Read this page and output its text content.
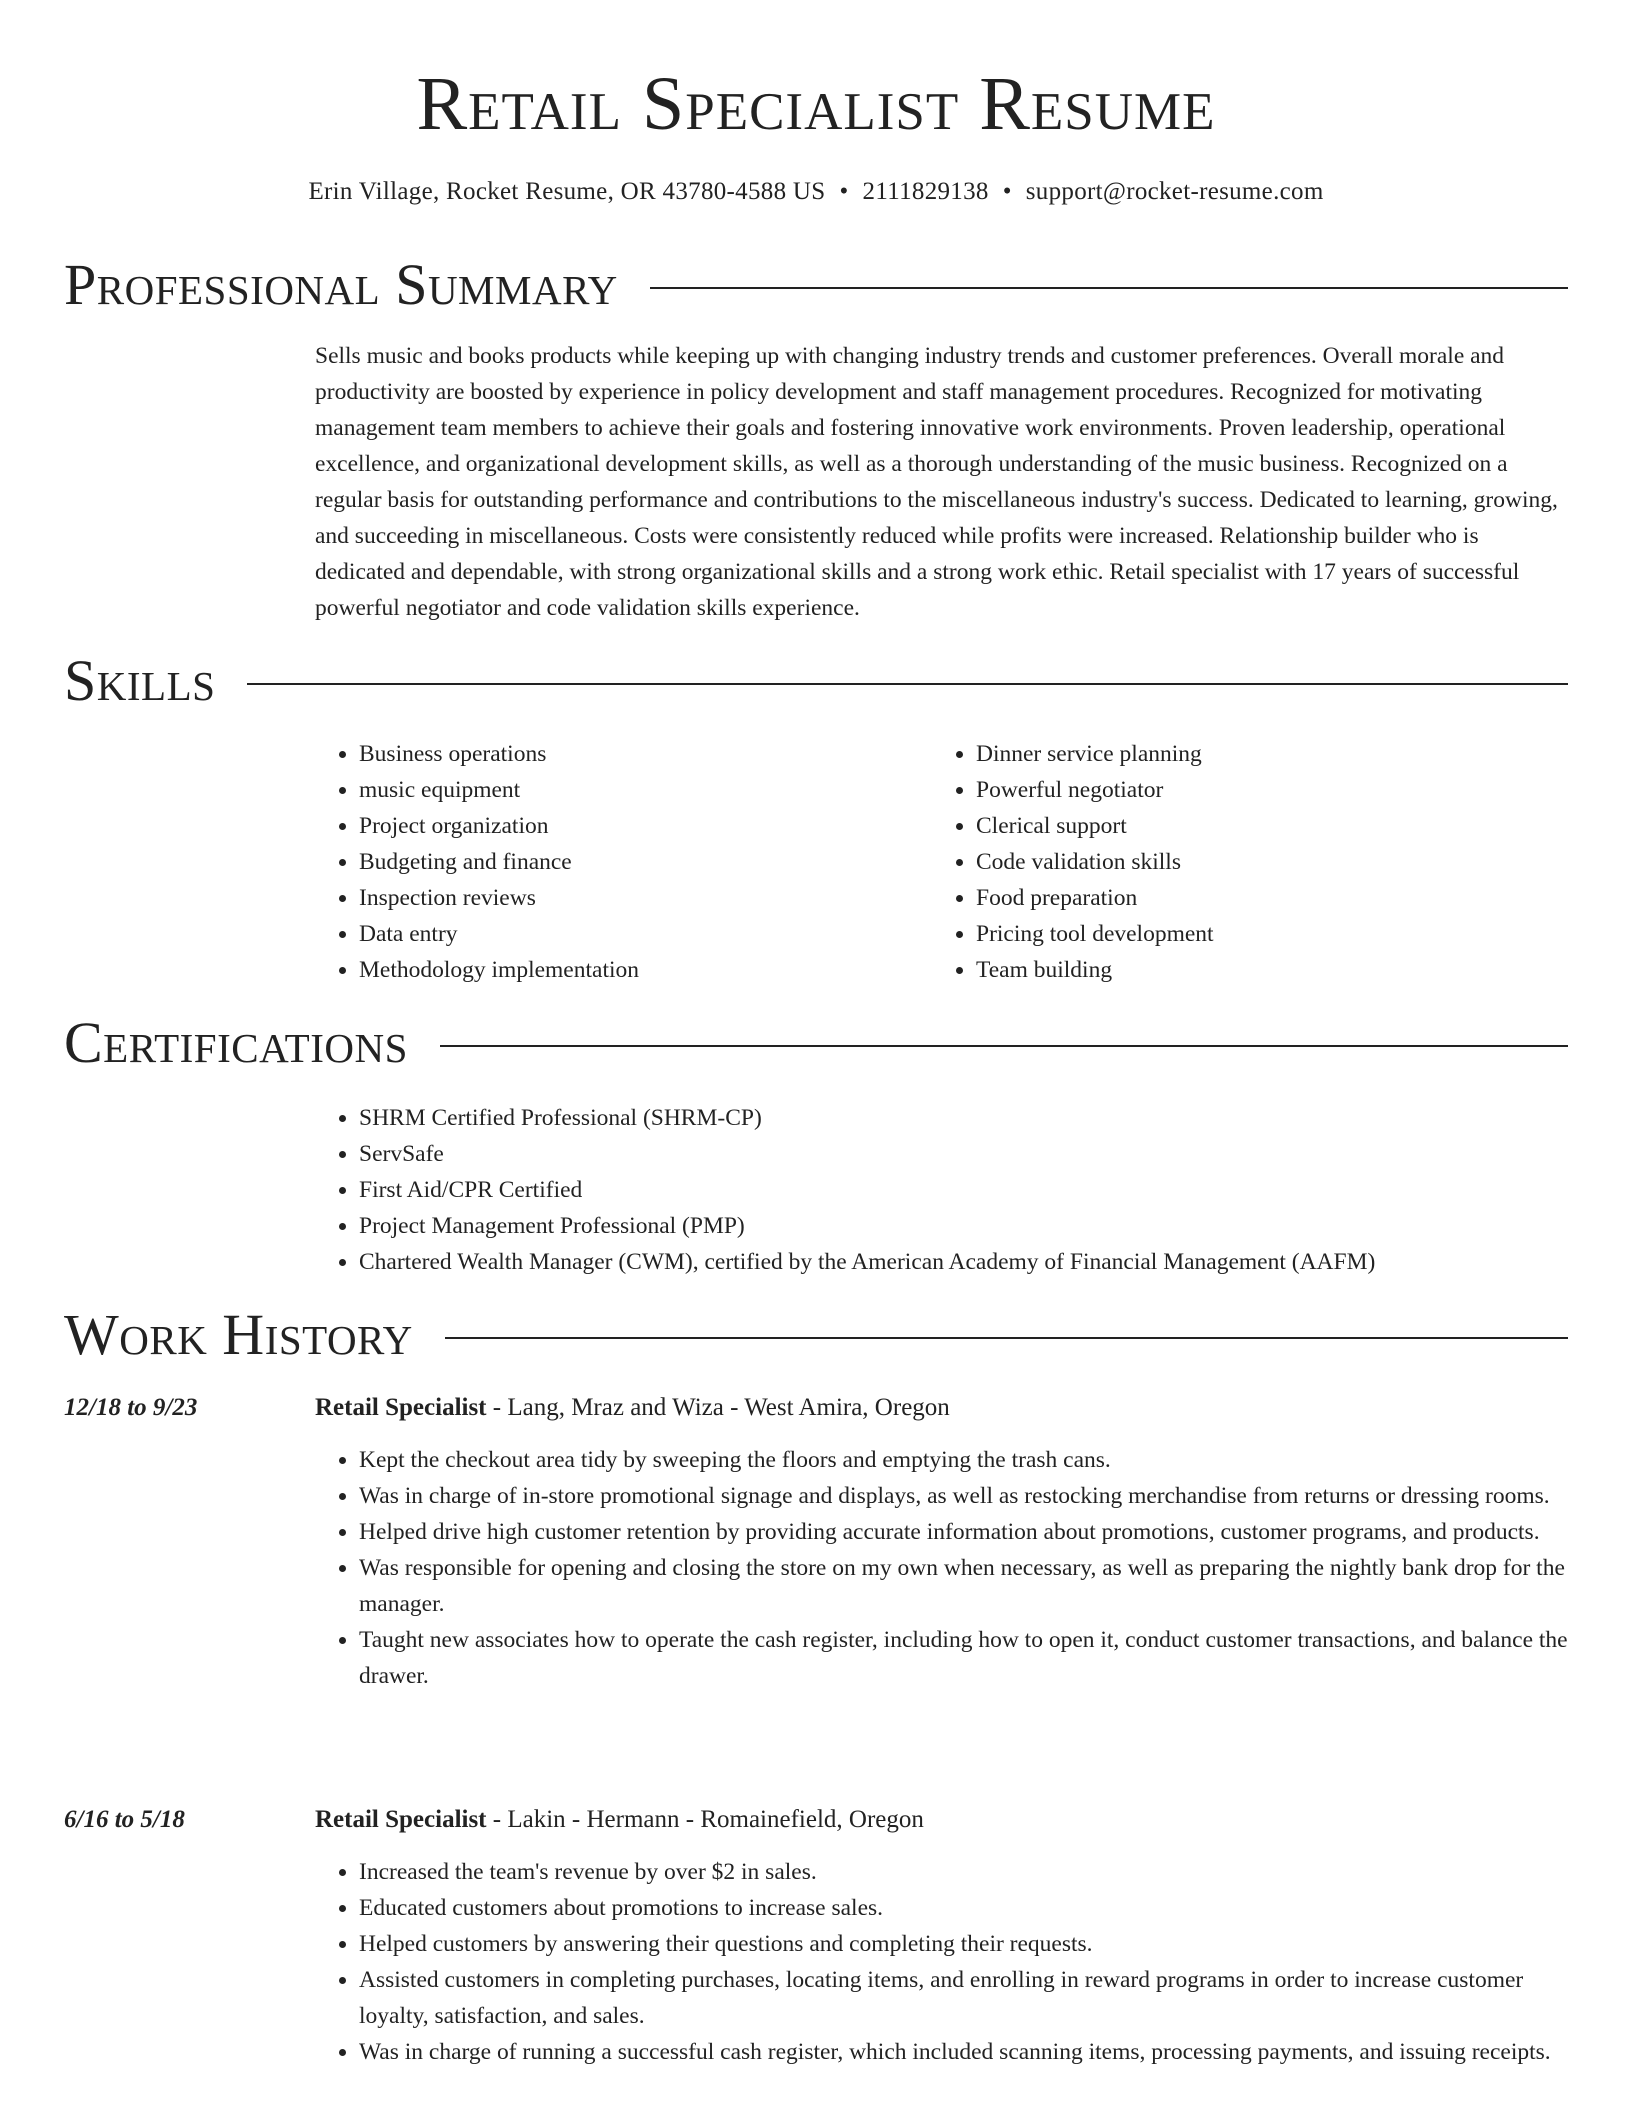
Retail Specialist Resume
Erin Village, Rocket Resume, OR 43780-4588 US • 2111829138 • support@rocket-resume.com
Professional Summary

Sells music and books products while keeping up with changing industry trends and customer preferences. Overall morale and productivity are boosted by experience in policy development and staff management procedures. Recognized for motivating management team members to achieve their goals and fostering innovative work environments. Proven leadership, operational excellence, and organizational development skills, as well as a thorough understanding of the music business. Recognized on a regular basis for outstanding performance and contributions to the miscellaneous industry's success. Dedicated to learning, growing, and succeeding in miscellaneous. Costs were consistently reduced while profits were increased. Relationship builder who is dedicated and dependable, with strong organizational skills and a strong work ethic. Retail specialist with 17 years of successful powerful negotiator and code validation skills experience.

Skills
• Business operations
• music equipment
• Project organization
• Budgeting and finance
• Inspection reviews
• Data entry
• Methodology implementation
• Dinner service planning
• Powerful negotiator
• Clerical support
• Code validation skills
• Food preparation
• Pricing tool development
• Team building
Certifications
• SHRM Certified Professional (SHRM-CP)
• ServSafe
• First Aid/CPR Certified
• Project Management Professional (PMP)
• Chartered Wealth Manager (CWM), certified by the American Academy of Financial Management (AAFM)
Work History
12/18 to 9/23	Retail Specialist - Lang, Mraz and Wiza - West Amira, Oregon
• Kept the checkout area tidy by sweeping the floors and emptying the trash cans.
• Was in charge of in-store promotional signage and displays, as well as restocking merchandise from returns or dressing rooms.
• Helped drive high customer retention by providing accurate information about promotions, customer programs, and products.
• Was responsible for opening and closing the store on my own when necessary, as well as preparing the nightly bank drop for the manager.
• Taught new associates how to operate the cash register, including how to open it, conduct customer transactions, and balance the drawer.
6/16 to 5/18	Retail Specialist - Lakin - Hermann - Romainefield, Oregon
• Increased the team's revenue by over $2 in sales.
• Educated customers about promotions to increase sales.
• Helped customers by answering their questions and completing their requests.
• Assisted customers in completing purchases, locating items, and enrolling in reward programs in order to increase customer loyalty, satisfaction, and sales.
• Was in charge of running a successful cash register, which included scanning items, processing payments, and issuing receipts.
